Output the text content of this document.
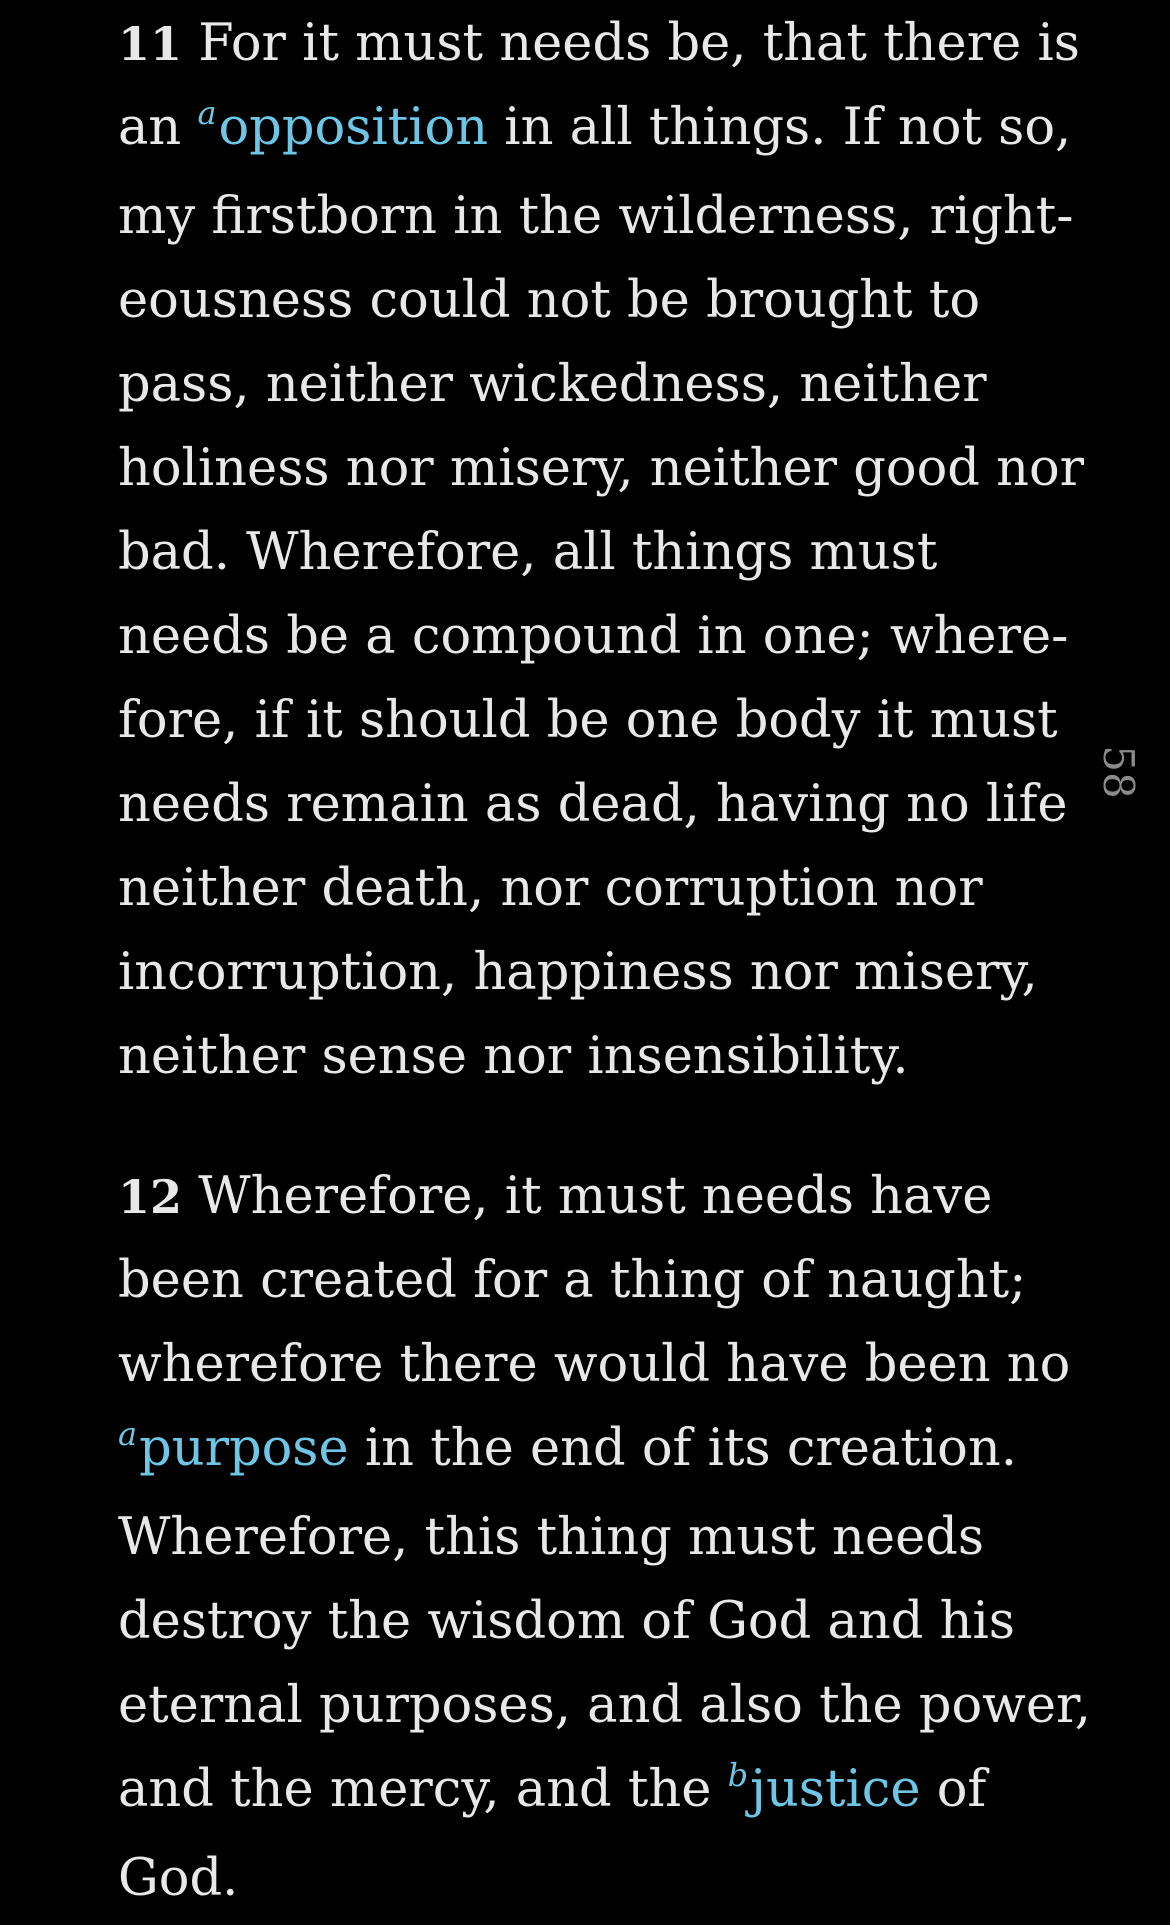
11 For it must needs be, that there is
an $^a$opposition in all things. If not so,
my firstborn in the wilderness, right-
eousness could not be brought to
pass, neither wickedness, neither
holiness nor misery, neither good nor
bad. Wherefore, all things must
needs be a compound in one; where-
fore, if it should be one body it must
needs remain as dead, having no life
neither death, nor corruption nor
incorruption, happiness nor misery,
neither sense nor insensibility.

12 Wherefore, it must needs have
been created for a thing of naught;
wherefore there would have been no
$^a$purpose in the end of its creation.
Wherefore, this thing must needs
destroy the wisdom of God and his
eternal purposes, and also the power,
and the mercy, and the $^b$justice of
God.

58
